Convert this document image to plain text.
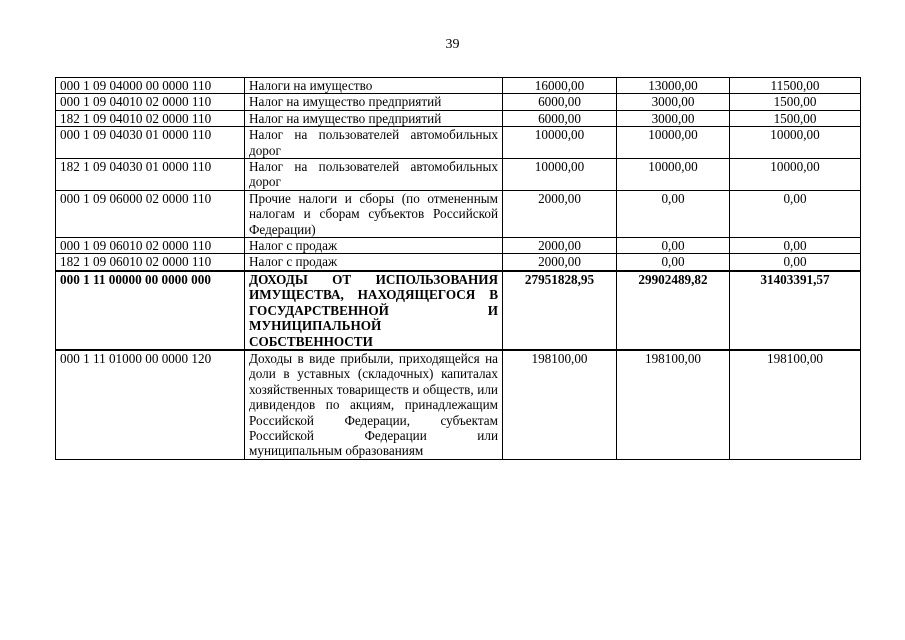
39
000 1 09 04000 00 0000 110	Налоги на имущество	16000,00	13000,00	11500,00
000 1 09 04010 02 0000 110	Налог на имущество предприятий	6000,00	3000,00	1500,00
182 1 09 04010 02 0000 110	Налог на имущество предприятий	6000,00	3000,00	1500,00
000 1 09 04030 01 0000 110	Налог на пользователей автомобильных дорог	10000,00	10000,00	10000,00
182 1 09 04030 01 0000 110	Налог на пользователей автомобильных дорог	10000,00	10000,00	10000,00
000 1 09 06000 02 0000 110	Прочие налоги и сборы (по отмененным налогам и сборам субъектов Российской Федерации)	2000,00	0,00	0,00
000 1 09 06010 02 0000 110	Налог с продаж	2000,00	0,00	0,00
182 1 09 06010 02 0000 110	Налог с продаж	2000,00	0,00	0,00
000 1 11 00000 00 0000 000	ДОХОДЫ ОТ ИСПОЛЬЗОВАНИЯ ИМУЩЕСТВА, НАХОДЯЩЕГОСЯ В ГОСУДАРСТВЕННОЙ И МУНИЦИПАЛЬНОЙ СОБСТВЕННОСТИ	27951828,95	29902489,82	31403391,57
000 1 11 01000 00 0000 120	Доходы в виде прибыли, приходящейся на доли в уставных (складочных) капиталах хозяйственных товариществ и обществ, или дивидендов по акциям, принадлежащим Российской Федерации, субъектам Российской Федерации или муниципальным образованиям	198100,00	198100,00	198100,00
